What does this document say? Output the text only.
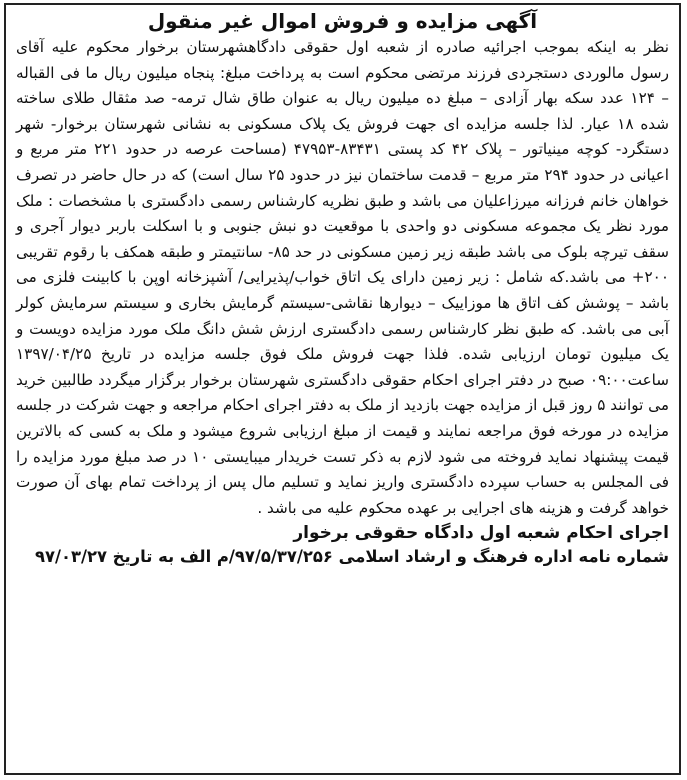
آگهی مزایده و فروش اموال غیر منقول

نظر به اینکه بموجب اجرائیه صادره از شعبه اول حقوقی دادگاهشهرستان برخوار محکوم علیه آقای رسول مالوردی دستجردی فرزند مرتضی محکوم است به پرداخت مبلغ: پنجاه میلیون ریال ما فی القباله – ۱۲۴ عدد سکه بهار آزادی – مبلغ ده میلیون ریال به عنوان طاق شال ترمه- صد مثقال طلای ساخته شده ۱۸ عیار. لذا جلسه مزایده ای جهت فروش یک پلاک مسکونی به نشانی شهرستان برخوار- شهر دستگرد- کوچه مینیاتور – پلاک ۴۲ کد پستی ۸۳۴۳۱-۴۷۹۵۳ (مساحت عرصه در حدود ۲۲۱ متر مربع و اعیانی در حدود ۲۹۴ متر مربع – قدمت ساختمان نیز در حدود ۲۵ سال است) که در حال حاضر در تصرف خواهان خانم فرزانه میرزاعلیان می باشد و طبق نظریه کارشناس رسمی دادگستری با مشخصات : ملک مورد نظر یک مجموعه مسکونی دو واحدی با موقعیت دو نبش جنوبی و با اسکلت باربر دیوار آجری و سقف تیرچه بلوک می باشد طبقه زیر زمین مسکونی در حد ۸۵- سانتیمتر و طبقه همکف با رقوم تقریبی ۲۰۰+ می باشد.که شامل : زیر زمین دارای یک اتاق خواب/پذیرایی/ آشپزخانه اوپن با کابینت فلزی می باشد – پوشش کف اتاق ها موزاییک – دیوارها نقاشی-سیستم گرمایش بخاری و سیستم سرمایش کولر آبی می باشد. که طبق نظر کارشناس رسمی دادگستری ارزش شش دانگ ملک مورد مزایده دویست و یک میلیون تومان ارزیابی شده. فلذا جهت فروش ملک فوق جلسه مزایده در تاریخ ۱۳۹۷/۰۴/۲۵ ساعت۰۹:۰۰ صبح در دفتر اجرای احکام حقوقی دادگستری شهرستان برخوار برگزار میگردد طالبین خرید می توانند ۵ روز قبل از مزایده جهت بازدید از ملک به دفتر اجرای احکام مراجعه و جهت شرکت در جلسه مزایده در مورخه فوق مراجعه نمایند و قیمت از مبلغ ارزیابی شروع میشود و ملک به کسی که بالاترین قیمت پیشنهاد نماید فروخته می شود لازم به ذکر تست خریدار میبایستی ۱۰ در صد مبلغ مورد مزایده را فی المجلس به حساب سپرده دادگستری واریز نماید و تسلیم مال پس از پرداخت تمام بهای آن صورت خواهد گرفت و هزینه های اجرایی بر عهده محکوم علیه می باشد .

اجرای احکام شعبه اول دادگاه حقوقی برخوار

شماره نامه اداره فرهنگ و ارشاد اسلامی ۹۷/۵/۳۷/۲۵۶/م الف به تاریخ ۹۷/۰۳/۲۷
